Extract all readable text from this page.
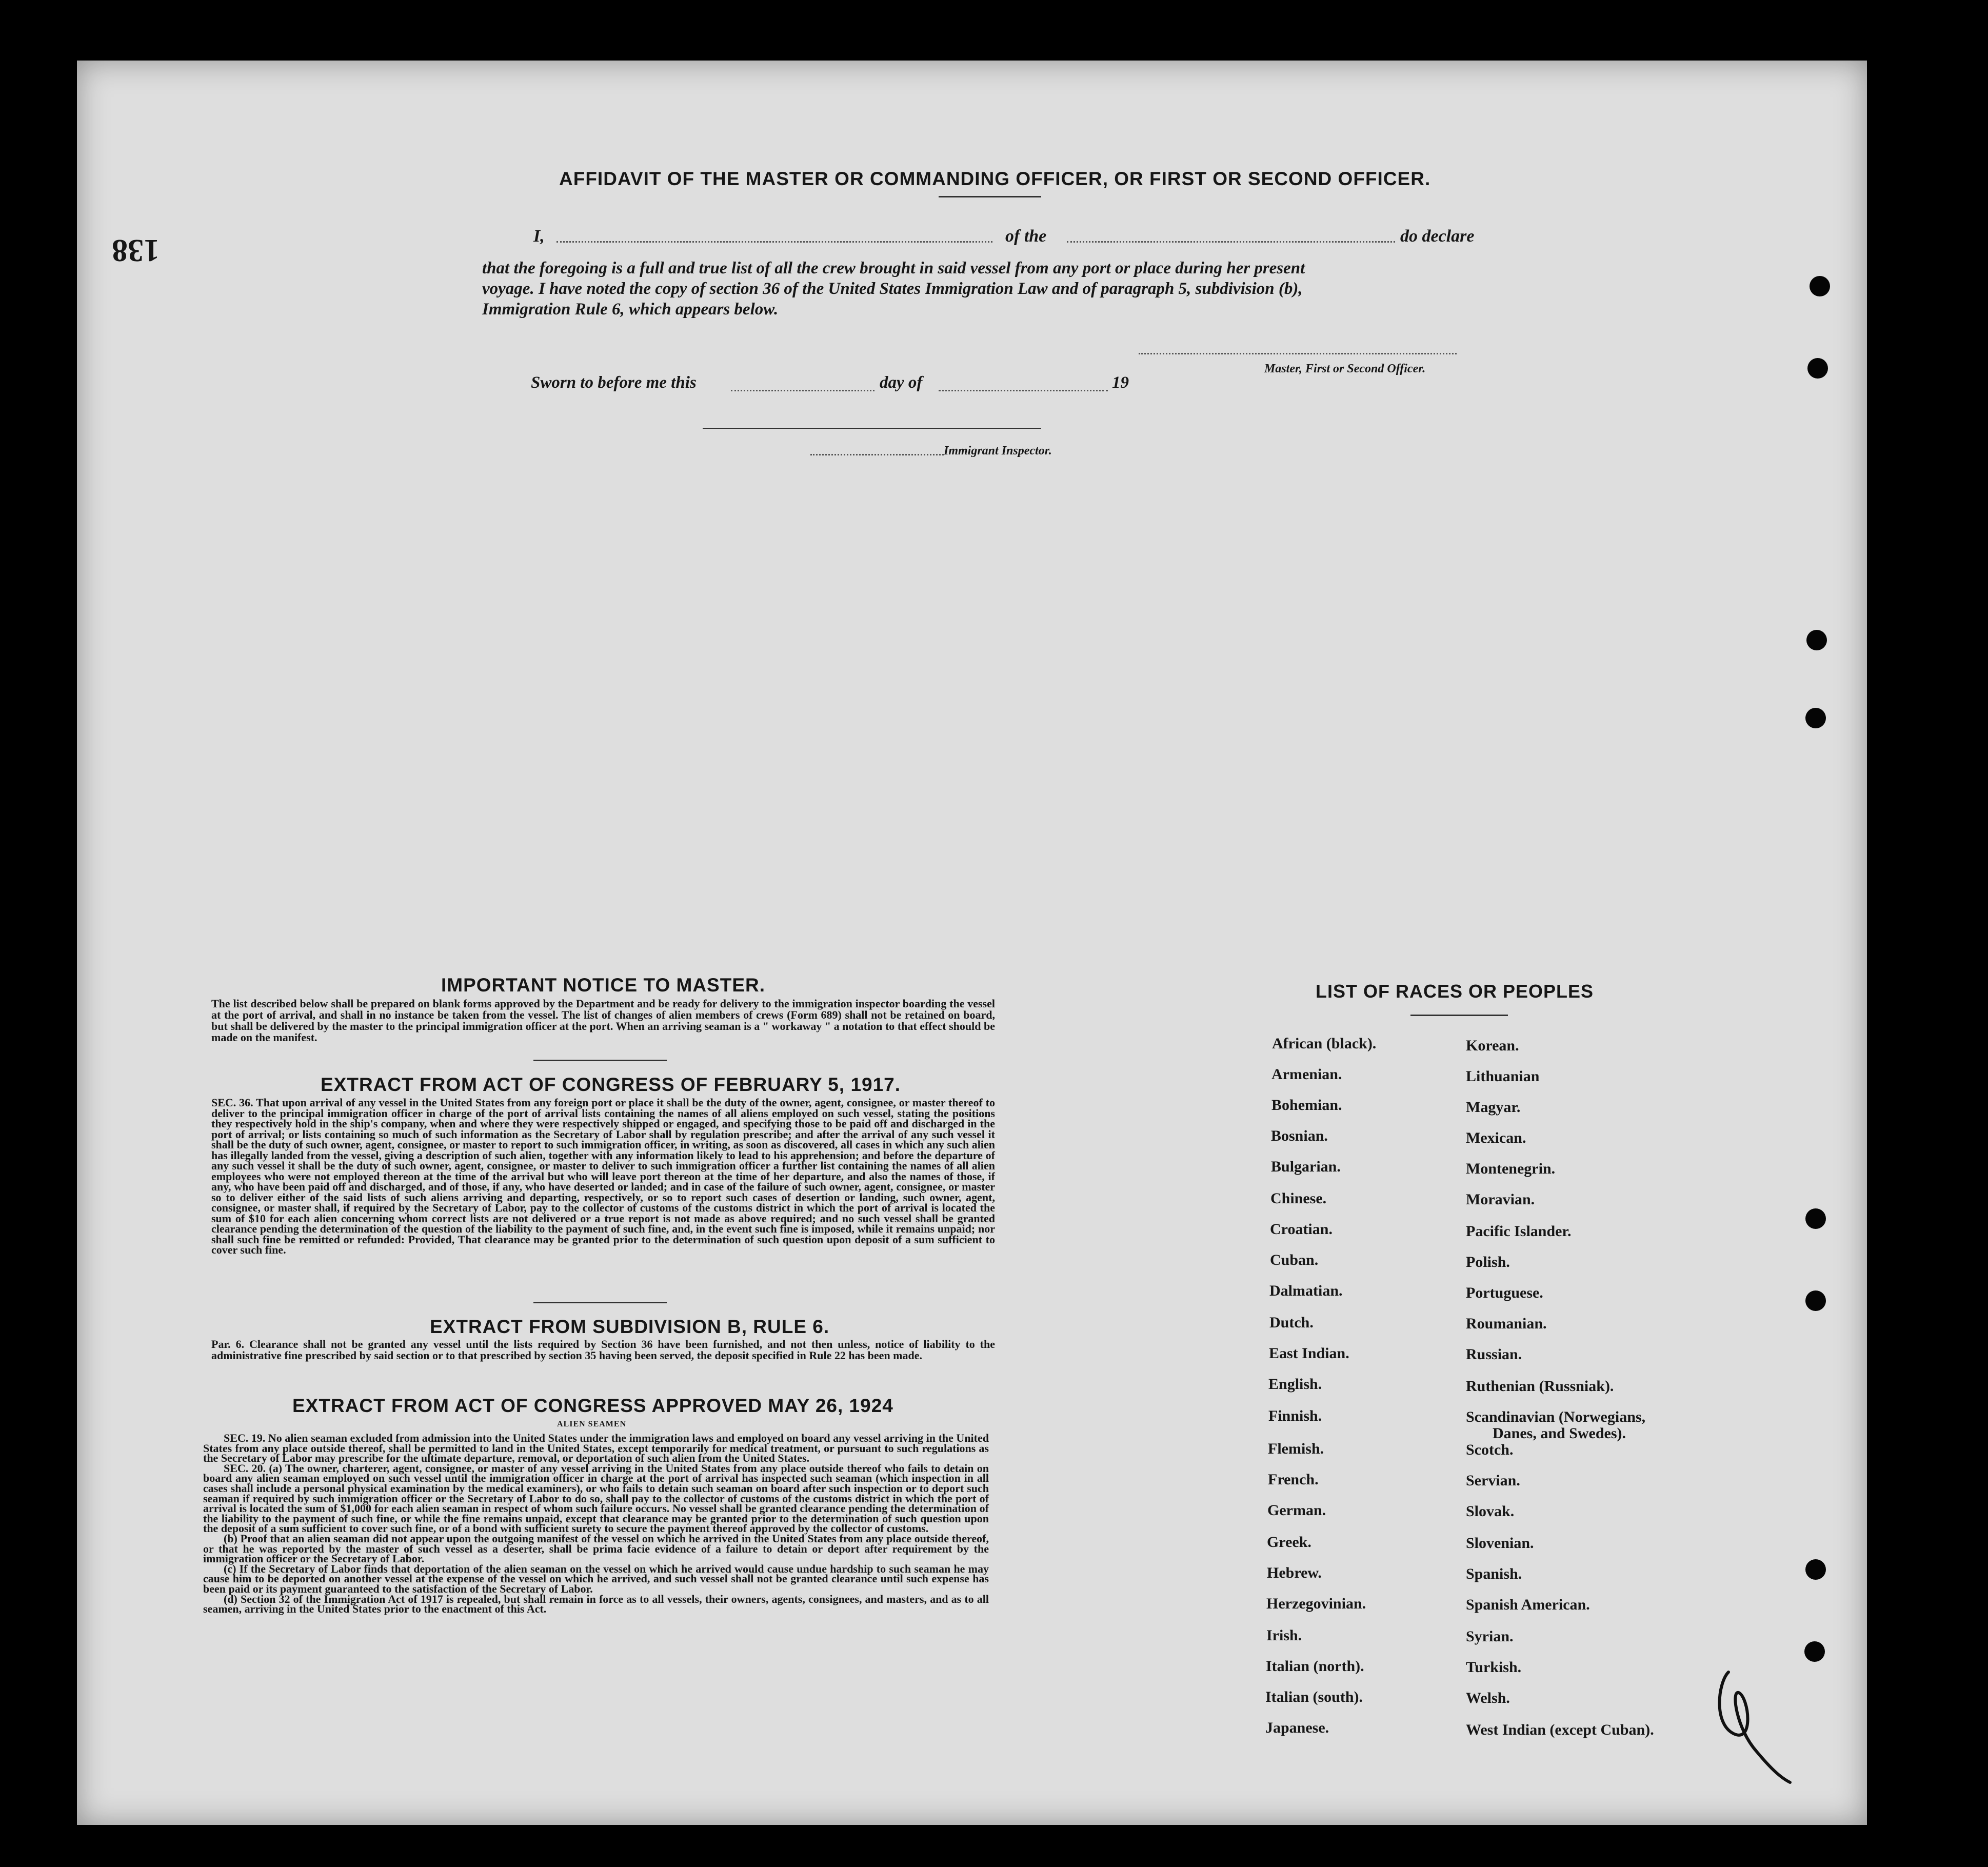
138
AFFIDAVIT OF THE MASTER OR COMMANDING OFFICER, OR FIRST OR SECOND OFFICER.
I,	of the	do declare
that the foregoing is a full and true list of all the crew brought in said vessel from any port or place during her present
voyage. I have noted the copy of section 36 of the United States Immigration Law and of paragraph 5, subdivision (b),
Immigration Rule 6, which appears below.
Master, First or Second Officer.
Sworn to before me this	day of	19
Immigrant Inspector.
IMPORTANT NOTICE TO MASTER.
The list described below shall be prepared on blank forms approved by the Department and be ready for delivery to the immigration inspector boarding the vessel at the port of arrival, and shall in no instance be taken from the vessel. The list of changes of alien members of crews (Form 689) shall not be retained on board, but shall be delivered by the master to the principal immigration officer at the port. When an arriving seaman is a " workaway " a notation to that effect should be made on the manifest.
EXTRACT FROM ACT OF CONGRESS OF FEBRUARY 5, 1917.
SEC. 36. That upon arrival of any vessel in the United States from any foreign port or place it shall be the duty of the owner, agent, consignee, or master thereof to deliver to the principal immigration officer in charge of the port of arrival lists containing the names of all aliens employed on such vessel, stating the positions they respectively hold in the ship's company, when and where they were respectively shipped or engaged, and specifying those to be paid off and discharged in the port of arrival; or lists containing so much of such information as the Secretary of Labor shall by regulation prescribe; and after the arrival of any such vessel it shall be the duty of such owner, agent, consignee, or master to report to such immigration officer, in writing, as soon as discovered, all cases in which any such alien has illegally landed from the vessel, giving a description of such alien, together with any information likely to lead to his apprehension; and before the departure of any such vessel it shall be the duty of such owner, agent, consignee, or master to deliver to such immigration officer a further list containing the names of all alien employees who were not employed thereon at the time of the arrival but who will leave port thereon at the time of her departure, and also the names of those, if any, who have been paid off and discharged, and of those, if any, who have deserted or landed; and in case of the failure of such owner, agent, consignee, or master so to deliver either of the said lists of such aliens arriving and departing, respectively, or so to report such cases of desertion or landing, such owner, agent, consignee, or master shall, if required by the Secretary of Labor, pay to the collector of customs of the customs district in which the port of arrival is located the sum of $10 for each alien concerning whom correct lists are not delivered or a true report is not made as above required; and no such vessel shall be granted clearance pending the determination of the question of the liability to the payment of such fine, and, in the event such fine is imposed, while it remains unpaid; nor shall such fine be remitted or refunded: Provided, That clearance may be granted prior to the determination of such question upon deposit of a sum sufficient to cover such fine.
EXTRACT FROM SUBDIVISION B, RULE 6.
Par. 6. Clearance shall not be granted any vessel until the lists required by Section 36 have been furnished, and not then unless, notice of liability to the administrative fine prescribed by said section or to that prescribed by section 35 having been served, the deposit specified in Rule 22 has been made.
EXTRACT FROM ACT OF CONGRESS APPROVED MAY 26, 1924
ALIEN SEAMEN
SEC. 19. No alien seaman excluded from admission into the United States under the immigration laws and employed on board any vessel arriving in the United States from any place outside thereof, shall be permitted to land in the United States, except temporarily for medical treatment, or pursuant to such regulations as the Secretary of Labor may prescribe for the ultimate departure, removal, or deportation of such alien from the United States.
SEC. 20. (a) The owner, charterer, agent, consignee, or master of any vessel arriving in the United States from any place outside thereof who fails to detain on board any alien seaman employed on such vessel until the immigration officer in charge at the port of arrival has inspected such seaman (which inspection in all cases shall include a personal physical examination by the medical examiners), or who fails to detain such seaman on board after such inspection or to deport such seaman if required by such immigration officer or the Secretary of Labor to do so, shall pay to the collector of customs of the customs district in which the port of arrival is located the sum of $1,000 for each alien seaman in respect of whom such failure occurs. No vessel shall be granted clearance pending the determination of the liability to the payment of such fine, or while the fine remains unpaid, except that clearance may be granted prior to the determination of such question upon the deposit of a sum sufficient to cover such fine, or of a bond with sufficient surety to secure the payment thereof approved by the collector of customs.
(b) Proof that an alien seaman did not appear upon the outgoing manifest of the vessel on which he arrived in the United States from any place outside thereof, or that he was reported by the master of such vessel as a deserter, shall be prima facie evidence of a failure to detain or deport after requirement by the immigration officer or the Secretary of Labor.
(c) If the Secretary of Labor finds that deportation of the alien seaman on the vessel on which he arrived would cause undue hardship to such seaman he may cause him to be deported on another vessel at the expense of the vessel on which he arrived, and such vessel shall not be granted clearance until such expense has been paid or its payment guaranteed to the satisfaction of the Secretary of Labor.
(d) Section 32 of the Immigration Act of 1917 is repealed, but shall remain in force as to all vessels, their owners, agents, consignees, and masters, and as to all seamen, arriving in the United States prior to the enactment of this Act.
LIST OF RACES OR PEOPLES
African (black).
Armenian.
Bohemian.
Bosnian.
Bulgarian.
Chinese.
Croatian.
Cuban.
Dalmatian.
Dutch.
East Indian.
English.
Finnish.
Flemish.
French.
German.
Greek.
Hebrew.
Herzegovinian.
Irish.
Italian (north).
Italian (south).
Japanese.
Korean.
Lithuanian
Magyar.
Mexican.
Montenegrin.
Moravian.
Pacific Islander.
Polish.
Portuguese.
Roumanian.
Russian.
Ruthenian (Russniak).
Scandinavian (Norwegians,
Danes, and Swedes).
Scotch.
Servian.
Slovak.
Slovenian.
Spanish.
Spanish American.
Syrian.
Turkish.
Welsh.
West Indian (except Cuban).
